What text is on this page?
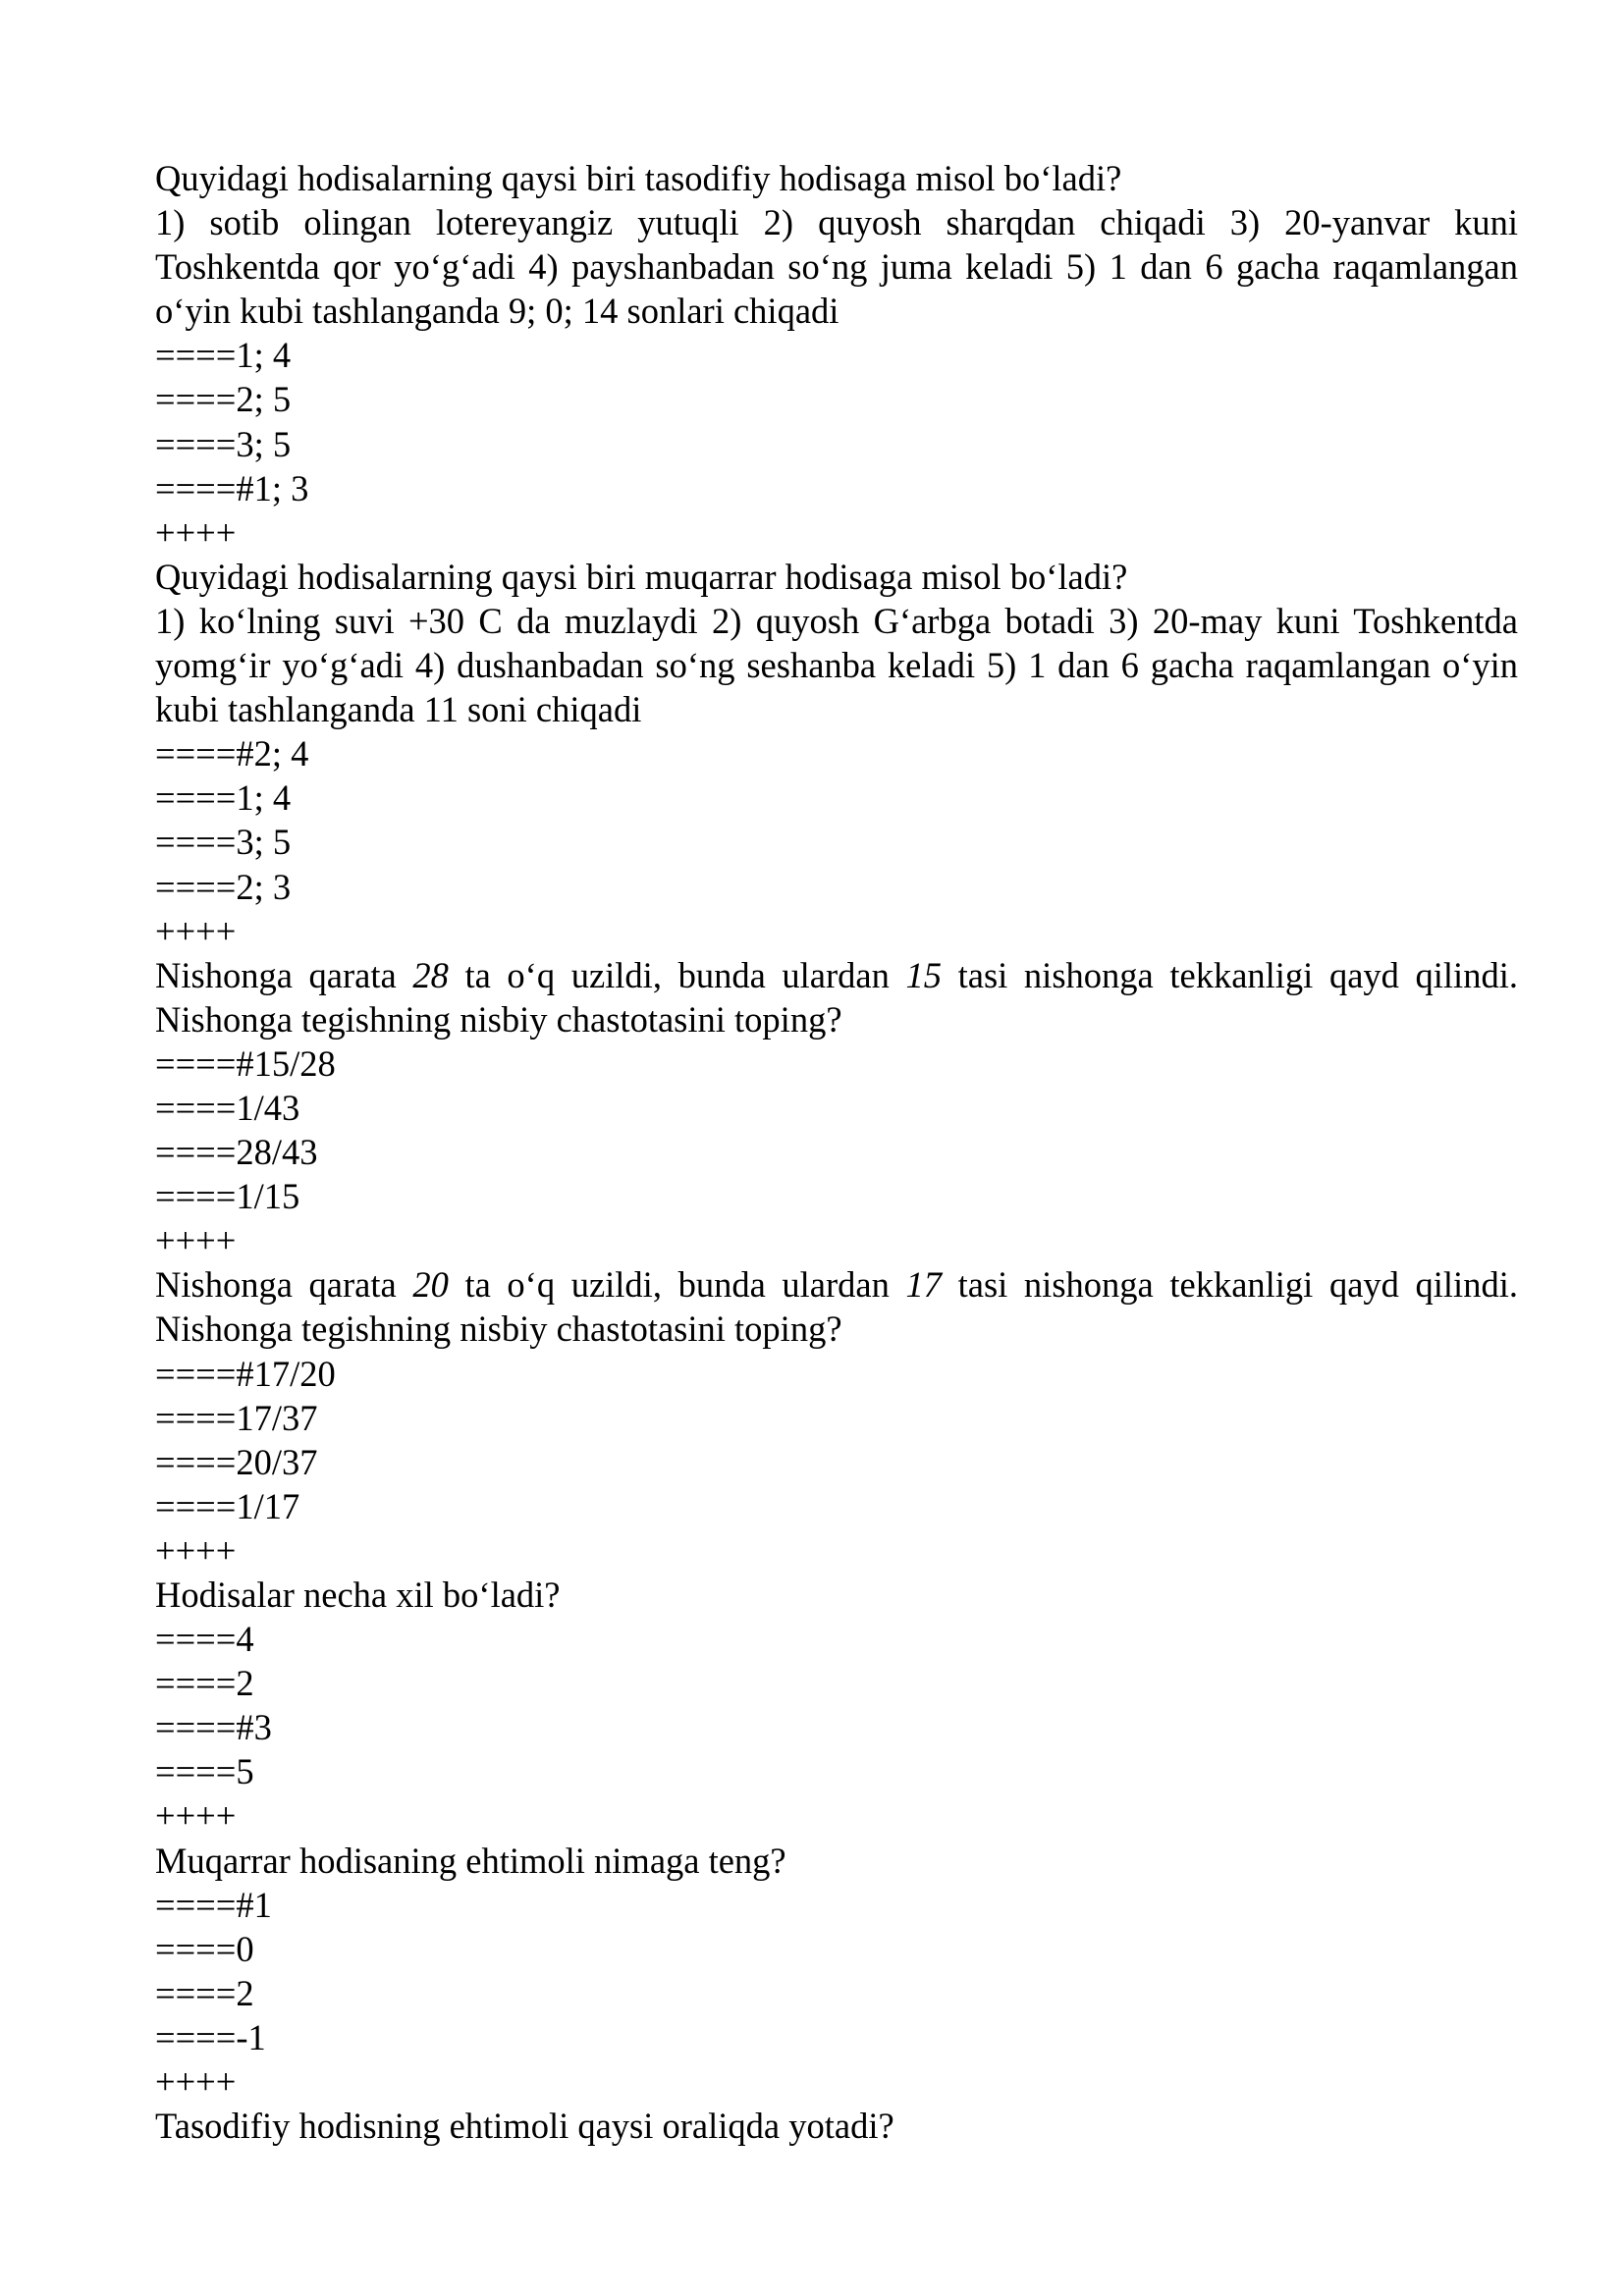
Quyidagi hodisalarning qaysi biri tasodifiy hodisaga misol bo‘ladi?
1) sotib olingan lotereyangiz yutuqli 2) quyosh sharqdan chiqadi 3) 20-yanvar kuni Toshkentda qor yo‘g‘adi 4) payshanbadan so‘ng juma keladi 5) 1 dan 6 gacha raqamlangan o‘yin kubi tashlanganda 9; 0; 14 sonlari chiqadi
====1; 4
====2; 5
====3; 5
====#1; 3
++++
Quyidagi hodisalarning qaysi biri muqarrar hodisaga misol bo‘ladi?
1) ko‘lning suvi +30 C da muzlaydi 2) quyosh G‘arbga botadi 3) 20-may kuni Toshkentda yomg‘ir yo‘g‘adi 4) dushanbadan so‘ng seshanba keladi 5) 1 dan 6 gacha raqamlangan o‘yin kubi tashlanganda 11 soni chiqadi
====#2; 4
====1; 4
====3; 5
====2; 3
++++
Nishonga qarata 28 ta o‘q uzildi, bunda ulardan 15 tasi nishonga tekkanligi qayd qilindi. Nishonga tegishning nisbiy chastotasini toping?
====#15/28
====1/43
====28/43
====1/15
++++
Nishonga qarata 20 ta o‘q uzildi, bunda ulardan 17 tasi nishonga tekkanligi qayd qilindi. Nishonga tegishning nisbiy chastotasini toping?
====#17/20
====17/37
====20/37
====1/17
++++
Hodisalar necha xil bo‘ladi?
====4
====2
====#3
====5
++++
Muqarrar hodisaning ehtimoli nimaga teng?
====#1
====0
====2
====-1
++++
Tasodifiy hodisning ehtimoli qaysi oraliqda yotadi?
